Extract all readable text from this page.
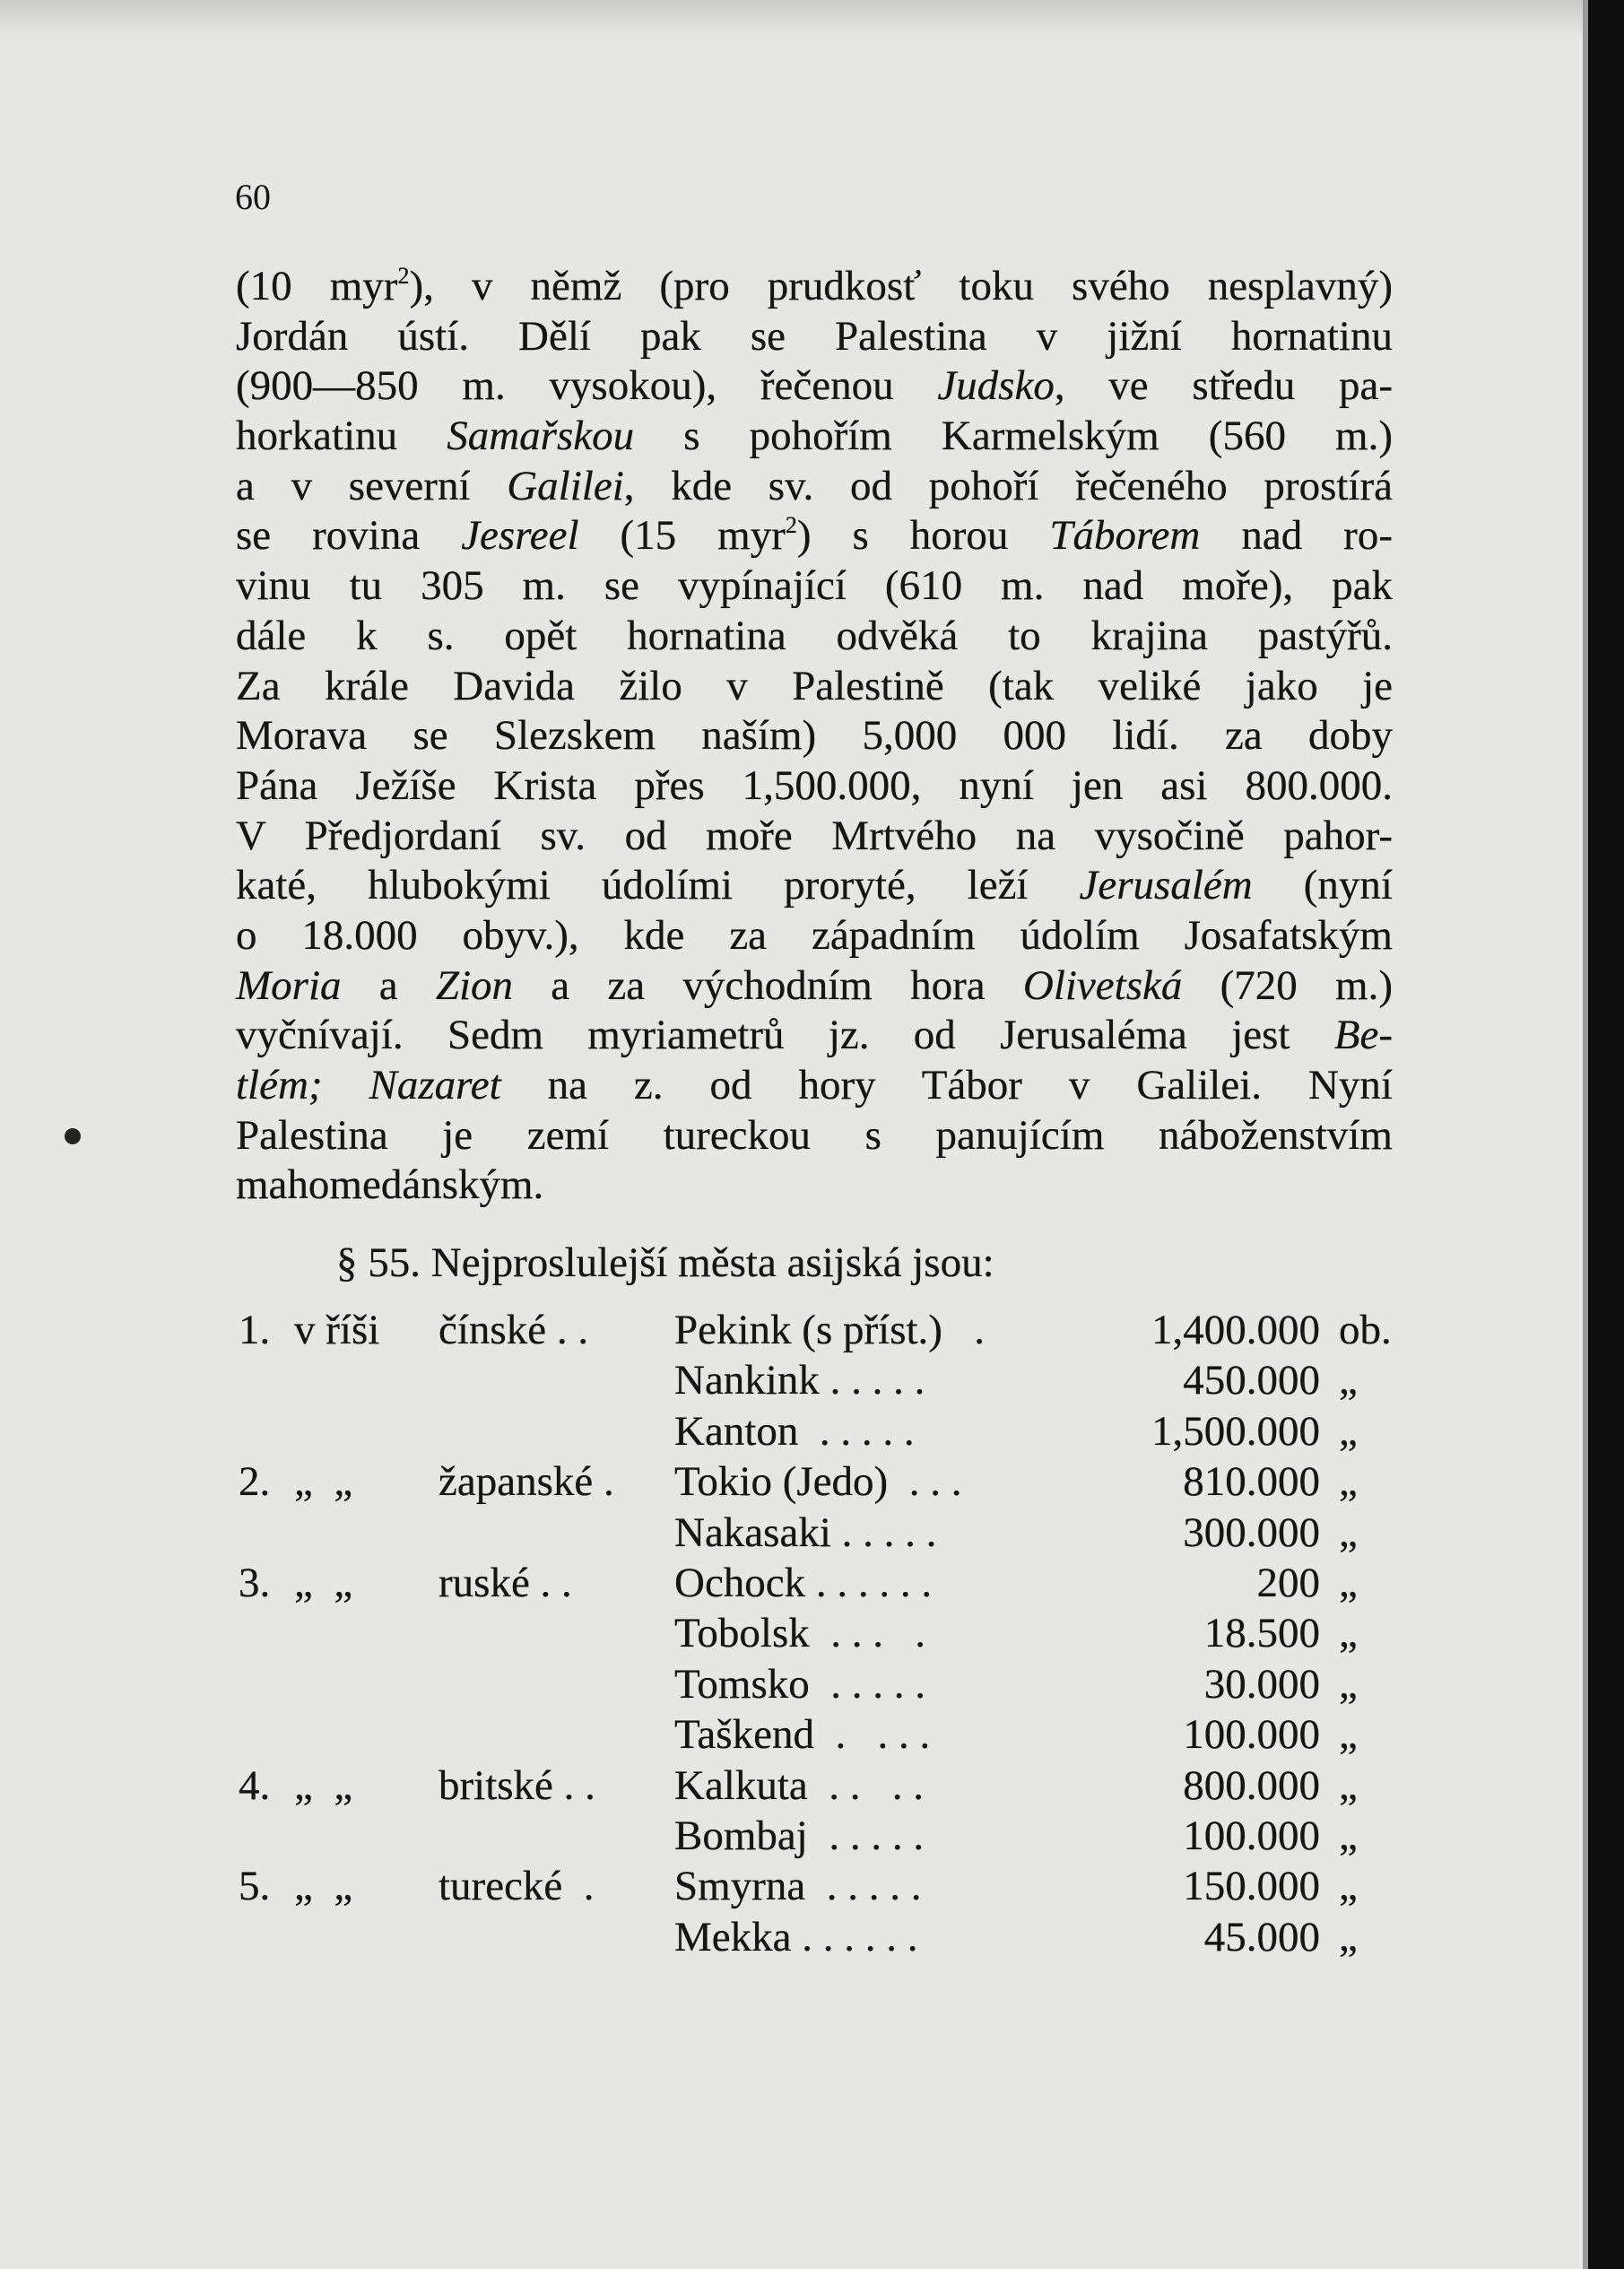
60
(10 myr$^2$), v němž (pro prudkosť toku svého nesplavný)
Jordán ústí. Dělí pak se Palestina v jižní hornatinu
(900—850 m. vysokou), řečenou Judsko, ve středu pa-
horkatinu Samařskou s pohořím Karmelským (560 m.)
a v severní Galilei, kde sv. od pohoří řečeného prostírá
se rovina Jesreel (15 myr$^2$) s horou Táborem nad ro-
vinu tu 305 m. se vypínající (610 m. nad moře), pak
dále k s. opět hornatina odvěká to krajina pastýřů.
Za krále Davida žilo v Palestině (tak veliké jako je
Morava se Slezskem naším) 5,000 000 lidí. za doby
Pána Ježíše Krista přes 1,500.000, nyní jen asi 800.000.
V Předjordaní sv. od moře Mrtvého na vysočině pahor-
katé, hlubokými údolími proryté, leží Jerusalém (nyní
o 18.000 obyv.), kde za západním údolím Josafatským
Moria a Zion a za východním hora Olivetská (720 m.)
vyčnívají. Sedm myriametrů jz. od Jerusaléma jest Be-
tlém; Nazaret na z. od hory Tábor v Galilei. Nyní
Palestina je zemí tureckou s panujícím náboženstvím
mahomedánským.
§ 55. Nejproslulejší města asijská jsou:
1. v říši čínské . . Pekink (s příst.)   .	1,400.000 ob.
Nankink . . . . .	450.000 „
Kanton  . . . . .	1,500.000 „
2. „  „ žapanské . Tokio (Jedo)  . . .	810.000 „
Nakasaki . . . . .	300.000 „
3. „  „ ruské . . Ochock . . . . . .	200 „
Tobolsk  . . .   .	18.500 „
Tomsko  . . . . .	30.000 „
Taškend  .   . . .	100.000 „
4. „  „ britské . . Kalkuta  . .   . .	800.000 „
Bombaj  . . . . .	100.000 „
5. „  „ turecké  . Smyrna  . . . . .	150.000 „
Mekka . . . . . .	45.000 „
